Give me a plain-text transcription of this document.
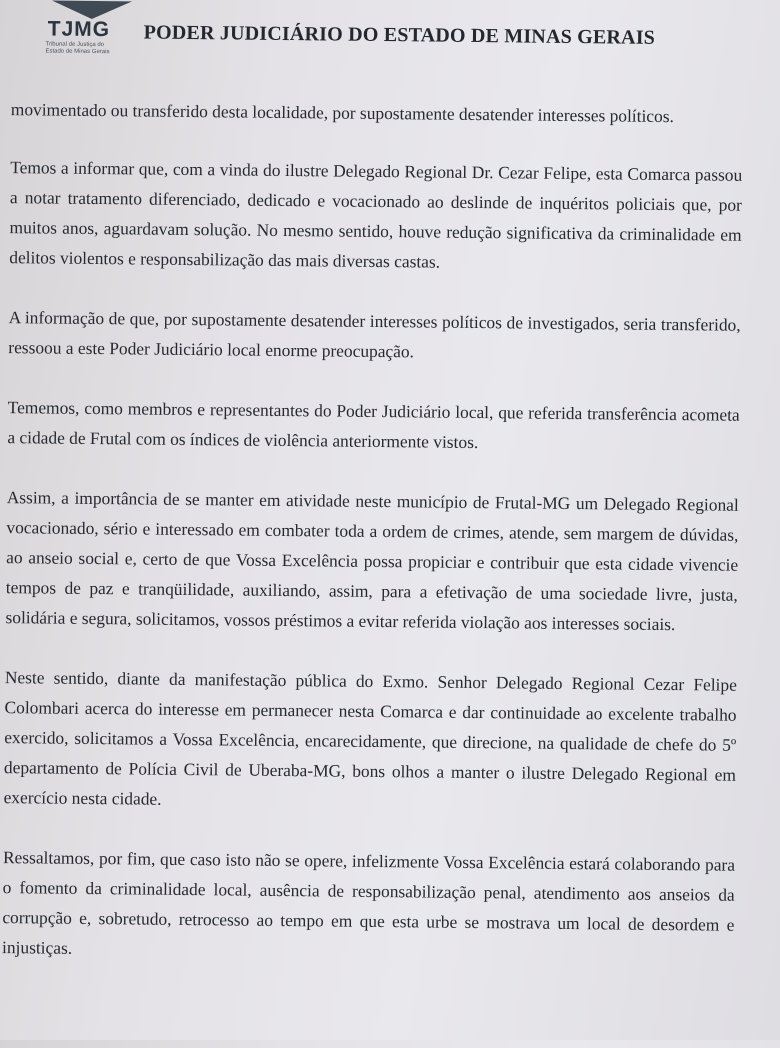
TJMG
Tribunal de Justiça do
Estado de Minas Gerais
PODER JUDICIÁRIO DO ESTADO DE MINAS GERAIS

movimentado ou transferido desta localidade, por supostamente desatender interesses políticos.

Temos a informar que, com a vinda do ilustre Delegado Regional Dr. Cezar Felipe, esta Comarca passou a notar tratamento diferenciado, dedicado e vocacionado ao deslinde de inquéritos policiais que, por muitos anos, aguardavam solução. No mesmo sentido, houve redução significativa da criminalidade em delitos violentos e responsabilização das mais diversas castas.

A informação de que, por supostamente desatender interesses políticos de investigados, seria transferido, ressoou a este Poder Judiciário local enorme preocupação.

Tememos, como membros e representantes do Poder Judiciário local, que referida transferência acometa a cidade de Frutal com os índices de violência anteriormente vistos.

Assim, a importância de se manter em atividade neste município de Frutal-MG um Delegado Regional vocacionado, sério e interessado em combater toda a ordem de crimes, atende, sem margem de dúvidas, ao anseio social e, certo de que Vossa Excelência possa propiciar e contribuir que esta cidade vivencie tempos de paz e tranqüilidade, auxiliando, assim, para a efetivação de uma sociedade livre, justa, solidária e segura, solicitamos, vossos préstimos a evitar referida violação aos interesses sociais.

Neste sentido, diante da manifestação pública do Exmo. Senhor Delegado Regional Cezar Felipe Colombari acerca do interesse em permanecer nesta Comarca e dar continuidade ao excelente trabalho exercido, solicitamos a Vossa Excelência, encarecidamente, que direcione, na qualidade de chefe do 5º departamento de Polícia Civil de Uberaba-MG, bons olhos a manter o ilustre Delegado Regional em exercício nesta cidade.

Ressaltamos, por fim, que caso isto não se opere, infelizmente Vossa Excelência estará colaborando para o fomento da criminalidade local, ausência de responsabilização penal, atendimento aos anseios da corrupção e, sobretudo, retrocesso ao tempo em que esta urbe se mostrava um local de desordem e injustiças.
